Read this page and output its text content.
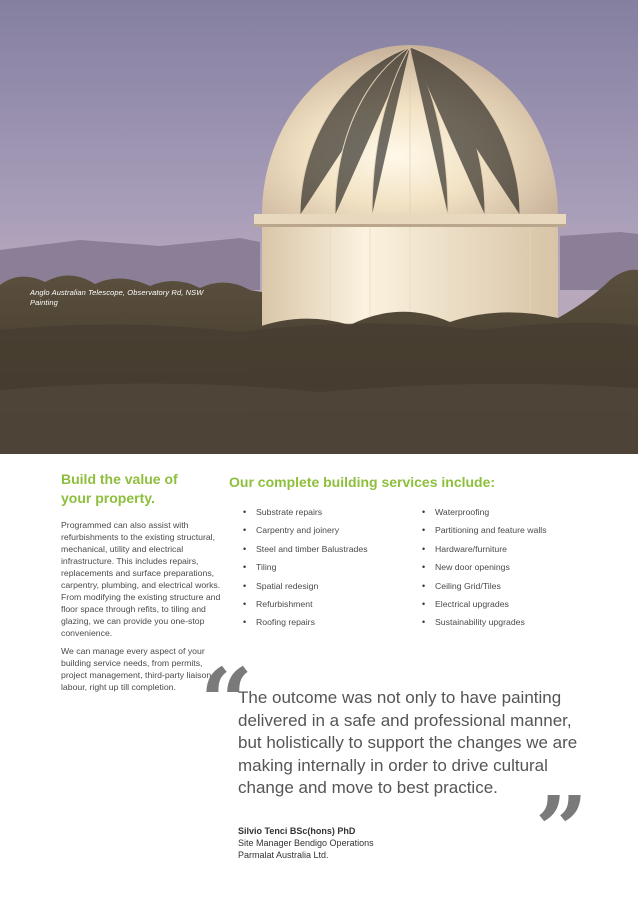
Anglo Australian Telescope, Observatory Rd, NSW Painting
Build the value of
your property.

Programmed can also assist with refurbishments to the existing structural, mechanical, utility and electrical infrastructure. This includes repairs, replacements and surface preparations, carpentry, plumbing, and electrical works. From modifying the existing structure and floor space through refits, to tiling and glazing, we can provide you one-stop convenience.

We can manage every aspect of your building service needs, from permits, project management, third-party liaison or labour, right up till completion.

Our complete building services include:
• Substrate repairs
• Carpentry and joinery
• Steel and timber Balustrades
• Tiling
• Spatial redesign
• Refurbishment
• Roofing repairs
• Waterproofing
• Partitioning and feature walls
• Hardware/furniture
• New door openings
• Ceiling Grid/Tiles
• Electrical upgrades
• Sustainability upgrades
“

The outcome was not only to have painting delivered in a safe and professional manner, but holistically to support the changes we are making internally in order to drive cultural change and move to best practice. ”
Silvio Tenci BSc(hons) PhD
Site Manager Bendigo Operations
Parmalat Australia Ltd.
